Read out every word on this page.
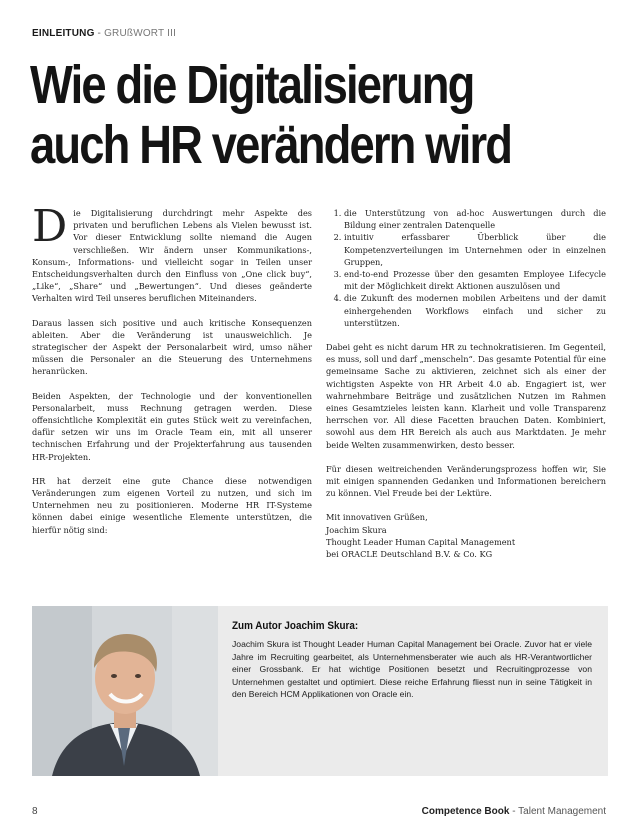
EINLEITUNG - GRUßWORT III
Wie die Digitalisierung
auch HR verändern wird

Die Digitalisierung durchdringt mehr Aspekte des privaten und beruflichen Lebens als Vielen bewusst ist. Vor dieser Entwicklung sollte niemand die Augen verschließen. Wir ändern unser Kommunikations-, Konsum-, Informations- und vielleicht sogar in Teilen unser Entscheidungsverhalten durch den Einfluss von „One click buy“, „Like“, „Share“ und „Bewertungen“. Und dieses geänderte Verhalten wird Teil unseres beruflichen Miteinanders.

Daraus lassen sich positive und auch kritische Konsequenzen ableiten. Aber die Veränderung ist unausweichlich. Je strategischer der Aspekt der Personalarbeit wird, umso näher müssen die Personaler an die Steuerung des Unternehmens heranrücken.

Beiden Aspekten, der Technologie und der konventionellen Personalarbeit, muss Rechnung getragen werden. Diese offensichtliche Komplexität ein gutes Stück weit zu vereinfachen, dafür setzen wir uns im Oracle Team ein, mit all unserer technischen Erfahrung und der Projekterfahrung aus tausenden HR-Projekten.

HR hat derzeit eine gute Chance diese notwendigen Veränderungen zum eigenen Vorteil zu nutzen, und sich im Unternehmen neu zu positionieren. Moderne HR IT-Systeme können dabei einige wesentliche Elemente unterstützen, die hierfür nötig sind:

1. die Unterstützung von ad-hoc Auswertungen durch die Bildung einer zentralen Datenquelle
2. intuitiv erfassbarer Überblick über die Kompetenzverteilungen im Unternehmen oder in einzelnen Gruppen,
3. end-to-end Prozesse über den gesamten Employee Lifecycle mit der Möglichkeit direkt Aktionen auszulösen und
4. die Zukunft des modernen mobilen Arbeitens und der damit einhergehenden Workflows einfach und sicher zu unterstützen.

Dabei geht es nicht darum HR zu technokratisieren. Im Gegenteil, es muss, soll und darf „menscheln“. Das gesamte Potential für eine gemeinsame Sache zu aktivieren, zeichnet sich als einer der wichtigsten Aspekte von HR Arbeit 4.0 ab. Engagiert ist, wer wahrnehmbare Beiträge und zusätzlichen Nutzen im Rahmen eines Gesamtzieles leisten kann. Klarheit und volle Transparenz herrschen vor. All diese Facetten brauchen Daten. Kombiniert, sowohl aus dem HR Bereich als auch aus Marktdaten. Je mehr beide Welten zusammenwirken, desto besser.

Für diesen weitreichenden Veränderungsprozess hoffen wir, Sie mit einigen spannenden Gedanken und Informationen bereichern zu können. Viel Freude bei der Lektüre.

Mit innovativen Grüßen,
Joachim Skura
Thought Leader Human Capital Management
bei ORACLE Deutschland B.V. & Co. KG
Zum Autor Joachim Skura:

Joachim Skura ist Thought Leader Human Capital Management bei Oracle. Zuvor hat er viele Jahre im Recruiting gearbeitet, als Unternehmensberater wie auch als HR-Verantwortlicher einer Grossbank. Er hat wichtige Positionen besetzt und Recruitingprozesse von Unternehmen gestaltet und optimiert. Diese reiche Erfahrung fliesst nun in seine Tätigkeit in den Bereich HCM Applikationen von Oracle ein.

8	Competence Book - Talent Management
